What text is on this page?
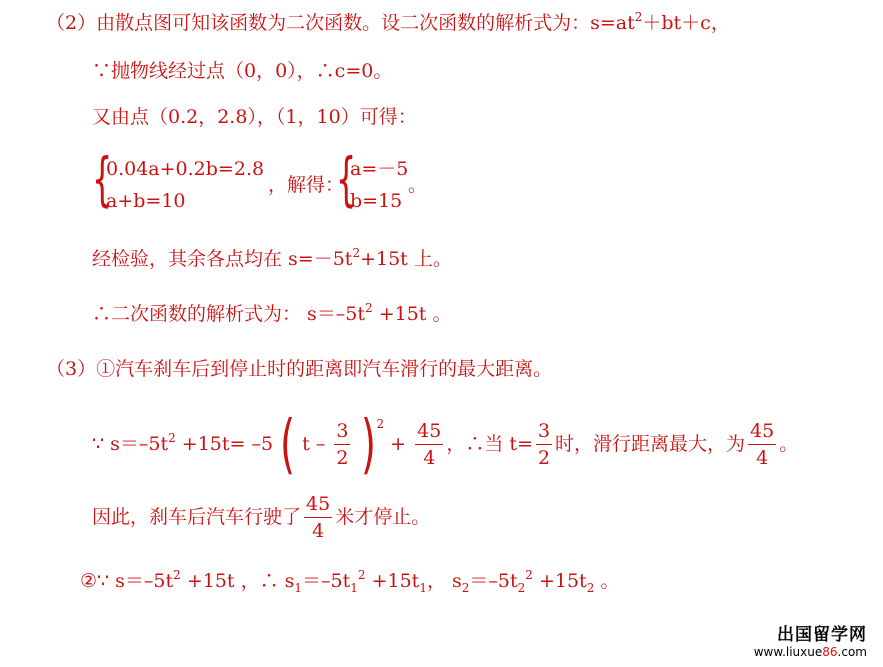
（2）由散点图可知该函数为二次函数。设二次函数的解析式为：$s=at^2+bt+c$，
∵抛物线经过点（0，0），∴c=0。
又由点（0.2，2.8），（1，10）可得：
{
0.04a+0.2b=2.8
a+b=10
，解得：
{
a=－5
b=15
。
经检验，其余各点均在 $s=-5t^2+15t$ 上。
∴二次函数的解析式为： $s=-5t^2 +15t$ 。
（3）①汽车刹车后到停止时的距离即汽车滑行的最大距离。
∵ $s=-5t^2 +15t= -5$ ( $t - \frac{3}{2} )^2 + \frac{45}{4}$ ，∴当 $t= \frac{3}{2}$ 时，滑行距离最大，为 $\frac{45}{4}$ 。
因此，刹车后汽车行驶了 $\frac{45}{4}$ 米才停止。
②∵ $s=-5t^2 +15t$ ，∴ $s_1=-5t_1^2 +15t_1$， $s_2=-5t_2^2 +15t_2$ 。
出国留学网
www.liuxue86.com
